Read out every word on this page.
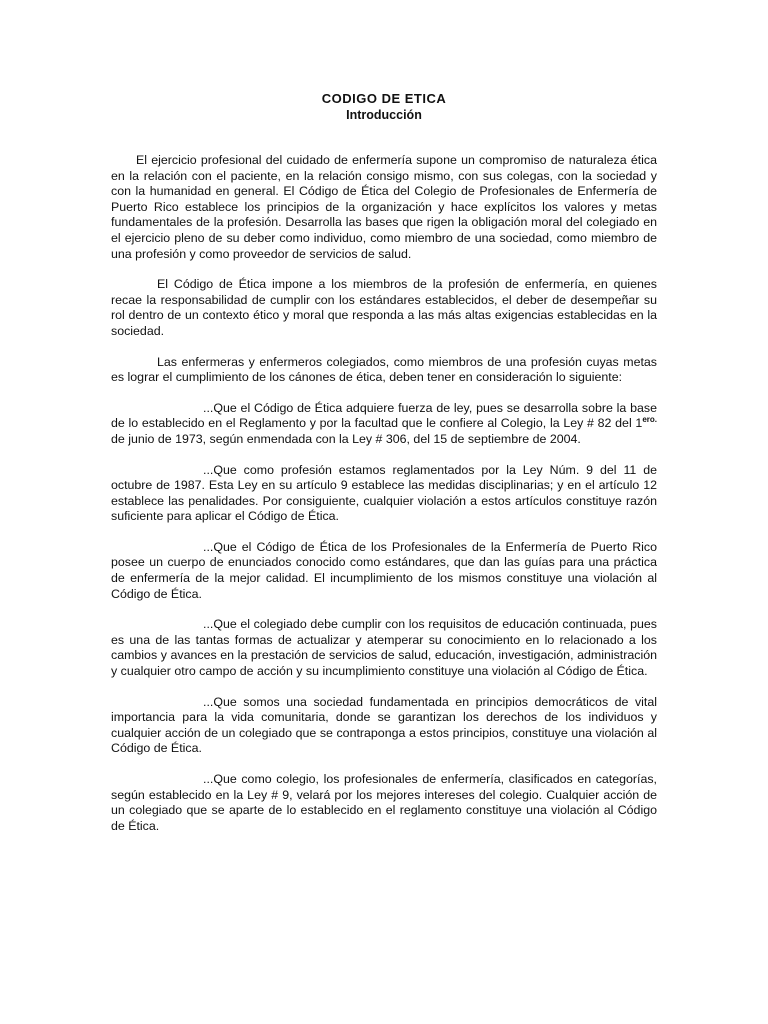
CODIGO DE ETICA
Introducción

El ejercicio profesional del cuidado de enfermería supone un compromiso de naturaleza ética en la relación con el paciente, en la relación consigo mismo, con sus colegas, con la sociedad y con la humanidad en general. El Código de Ética del Colegio de Profesionales de Enfermería de Puerto Rico establece los principios de la organización y hace explícitos los valores y metas fundamentales de la profesión. Desarrolla las bases que rigen la obligación moral del colegiado en el ejercicio pleno de su deber como individuo, como miembro de una sociedad, como miembro de una profesión y como proveedor de servicios de salud.

El Código de Ética impone a los miembros de la profesión de enfermería, en quienes recae la responsabilidad de cumplir con los estándares establecidos, el deber de desempeñar su rol dentro de un contexto ético y moral que responda a las más altas exigencias establecidas en la sociedad.

Las enfermeras y enfermeros colegiados, como miembros de una profesión cuyas metas es lograr el cumplimiento de los cánones de ética, deben tener en consideración lo siguiente:

...Que el Código de Ética adquiere fuerza de ley, pues se desarrolla sobre la base de lo establecido en el Reglamento y por la facultad que le confiere al Colegio, la Ley # 82 del $1^{ero.}$ de junio de 1973, según enmendada con la Ley # 306, del 15 de septiembre de 2004.

...Que como profesión estamos reglamentados por la Ley Núm. 9 del 11 de octubre de 1987. Esta Ley en su artículo 9 establece las medidas disciplinarias; y en el artículo 12 establece las penalidades. Por consiguiente, cualquier violación a estos artículos constituye razón suficiente para aplicar el Código de Ética.

...Que el Código de Ética de los Profesionales de la Enfermería de Puerto Rico posee un cuerpo de enunciados conocido como estándares, que dan las guías para una práctica de enfermería de la mejor calidad. El incumplimiento de los mismos constituye una violación al Código de Ética.

...Que el colegiado debe cumplir con los requisitos de educación continuada, pues es una de las tantas formas de actualizar y atemperar su conocimiento en lo relacionado a los cambios y avances en la prestación de servicios de salud, educación, investigación, administración y cualquier otro campo de acción y su incumplimiento constituye una violación al Código de Ética.

...Que somos una sociedad fundamentada en principios democráticos de vital importancia para la vida comunitaria, donde se garantizan los derechos de los individuos y cualquier acción de un colegiado que se contraponga a estos principios, constituye una violación al Código de Ética.

...Que como colegio, los profesionales de enfermería, clasificados en categorías, según establecido en la Ley # 9, velará por los mejores intereses del colegio. Cualquier acción de un colegiado que se aparte de lo establecido en el reglamento constituye una violación al Código de Ética.
